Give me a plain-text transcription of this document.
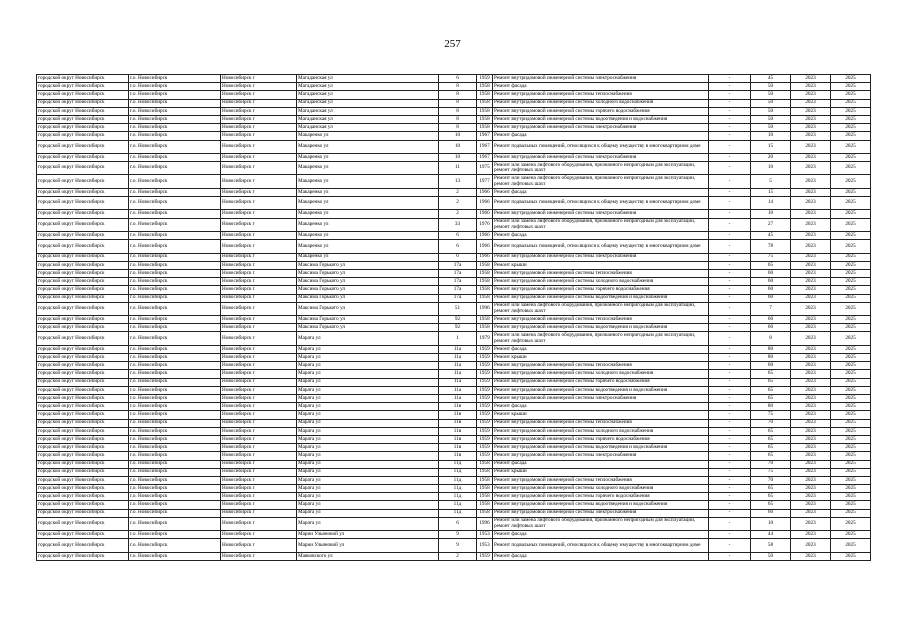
257
городской округ Новосибирск	г.о. Новосибирск	Новосибирск г	Магаданская ул	6	1959	Ремонт внутридомовой инженерной системы электроснабжения	-	45	2023	2025
городской округ Новосибирск	г.о. Новосибирск	Новосибирск г	Магаданская ул	8	1958	Ремонт фасада	-	50	2023	2025
городской округ Новосибирск	г.о. Новосибирск	Новосибирск г	Магаданская ул	8	1958	Ремонт внутридомовой инженерной системы теплоснабжения	-	50	2023	2025
городской округ Новосибирск	г.о. Новосибирск	Новосибирск г	Магаданская ул	8	1958	Ремонт внутридомовой инженерной системы холодного водоснабжения	-	50	2023	2025
городской округ Новосибирск	г.о. Новосибирск	Новосибирск г	Магаданская ул	8	1958	Ремонт внутридомовой инженерной системы горячего водоснабжения	-	50	2023	2025
городской округ Новосибирск	г.о. Новосибирск	Новосибирск г	Магаданская ул	8	1958	Ремонт внутридомовой инженерной системы водоотведения и водоснабжения	-	50	2023	2025
городской округ Новосибирск	г.о. Новосибирск	Новосибирск г	Магаданская ул	8	1958	Ремонт внутридомовой инженерной системы электроснабжения	-	50	2023	2025
городской округ Новосибирск	г.о. Новосибирск	Новосибирск г	Макаренко ул	10	1967	Ремонт фасада	-	10	2023	2025
городской округ Новосибирск	г.о. Новосибирск	Новосибирск г	Макаренко ул	10	1967	Ремонт подвальных помещений, относящихся к общему имуществу в многоквартирном доме	-	15	2023	2025
городской округ Новосибирск	г.о. Новосибирск	Новосибирск г	Макаренко ул	10	1967	Ремонт внутридомовой инженерной системы электроснабжения	-	20	2023	2025
городской округ Новосибирск	г.о. Новосибирск	Новосибирск г	Макаренко ул	11	1975	Ремонт или замена лифтового оборудования, признанного непригодным для эксплуатации, ремонт лифтовых шахт	-	10	2023	2025
городской округ Новосибирск	г.о. Новосибирск	Новосибирск г	Макаренко ул	13	1977	Ремонт или замена лифтового оборудования, признанного непригодным для эксплуатации, ремонт лифтовых шахт	-	5	2023	2025
городской округ Новосибирск	г.о. Новосибирск	Новосибирск г	Макаренко ул	2	1966	Ремонт фасада	-	15	2023	2025
городской округ Новосибирск	г.о. Новосибирск	Новосибирск г	Макаренко ул	2	1966	Ремонт подвальных помещений, относящихся к общему имуществу в многоквартирном доме	-	14	2023	2025
городской округ Новосибирск	г.о. Новосибирск	Новосибирск г	Макаренко ул	2	1966	Ремонт внутридомовой инженерной системы электроснабжения	-	10	2023	2025
городской округ Новосибирск	г.о. Новосибирск	Новосибирск г	Макаренко ул	33	1976	Ремонт или замена лифтового оборудования, признанного непригодным для эксплуатации, ремонт лифтовых шахт	-	27	2023	2025
городской округ Новосибирск	г.о. Новосибирск	Новосибирск г	Макаренко ул	6	1966	Ремонт фасада	-	45	2023	2025
городской округ Новосибирск	г.о. Новосибирск	Новосибирск г	Макаренко ул	6	1966	Ремонт подвальных помещений, относящихся к общему имуществу в многоквартирном доме	-	78	2023	2025
городской округ Новосибирск	г.о. Новосибирск	Новосибирск г	Макаренко ул	6	1966	Ремонт внутридомовой инженерной системы электроснабжения	-	75	2023	2025
городской округ Новосибирск	г.о. Новосибирск	Новосибирск г	Максима Горького ул	17а	1958	Ремонт крыши	-	65	2023	2025
городской округ Новосибирск	г.о. Новосибирск	Новосибирск г	Максима Горького ул	17а	1958	Ремонт внутридомовой инженерной системы теплоснабжения	-	60	2023	2025
городской округ Новосибирск	г.о. Новосибирск	Новосибирск г	Максима Горького ул	17а	1958	Ремонт внутридомовой инженерной системы холодного водоснабжения	-	60	2023	2025
городской округ Новосибирск	г.о. Новосибирск	Новосибирск г	Максима Горького ул	17а	1958	Ремонт внутридомовой инженерной системы горячего водоснабжения	-	60	2023	2025
городской округ Новосибирск	г.о. Новосибирск	Новосибирск г	Максима Горького ул	17а	1958	Ремонт внутридомовой инженерной системы водоотведения и водоснабжения	-	60	2023	2025
городской округ Новосибирск	г.о. Новосибирск	Новосибирск г	Максима Горького ул	51	1996	Ремонт или замена лифтового оборудования, признанного непригодным для эксплуатации, ремонт лифтовых шахт	-	7	2023	2025
городской округ Новосибирск	г.о. Новосибирск	Новосибирск г	Максима Горького ул	92	1958	Ремонт внутридомовой инженерной системы теплоснабжения	-	60	2023	2025
городской округ Новосибирск	г.о. Новосибирск	Новосибирск г	Максима Горького ул	92	1958	Ремонт внутридомовой инженерной системы водоотведения и водоснабжения	-	60	2023	2025
городской округ Новосибирск	г.о. Новосибирск	Новосибирск г	Марата ул	1	1979	Ремонт или замена лифтового оборудования, признанного непригодным для эксплуатации, ремонт лифтовых шахт	-	8	2023	2025
городской округ Новосибирск	г.о. Новосибирск	Новосибирск г	Марата ул	11а	1959	Ремонт фасада	-	80	2023	2025
городской округ Новосибирск	г.о. Новосибирск	Новосибирск г	Марата ул	11а	1959	Ремонт крыши	-	80	2023	2025
городской округ Новосибирск	г.о. Новосибирск	Новосибирск г	Марата ул	11а	1959	Ремонт внутридомовой инженерной системы теплоснабжения	-	60	2023	2025
городской округ Новосибирск	г.о. Новосибирск	Новосибирск г	Марата ул	11а	1959	Ремонт внутридомовой инженерной системы холодного водоснабжения	-	65	2023	2025
городской округ Новосибирск	г.о. Новосибирск	Новосибирск г	Марата ул	11а	1959	Ремонт внутридомовой инженерной системы горячего водоснабжения	-	65	2023	2025
городской округ Новосибирск	г.о. Новосибирск	Новосибирск г	Марата ул	11а	1959	Ремонт внутридомовой инженерной системы водоотведения и водоснабжения	-	65	2023	2025
городской округ Новосибирск	г.о. Новосибирск	Новосибирск г	Марата ул	11а	1959	Ремонт внутридомовой инженерной системы электроснабжения	-	65	2023	2025
городской округ Новосибирск	г.о. Новосибирск	Новосибирск г	Марата ул	11в	1959	Ремонт фасада	-	80	2023	2025
городской округ Новосибирск	г.о. Новосибирск	Новосибирск г	Марата ул	11в	1959	Ремонт крыши	-	75	2023	2025
городской округ Новосибирск	г.о. Новосибирск	Новосибирск г	Марата ул	11в	1959	Ремонт внутридомовой инженерной системы теплоснабжения	-	70	2023	2025
городской округ Новосибирск	г.о. Новосибирск	Новосибирск г	Марата ул	11в	1959	Ремонт внутридомовой инженерной системы холодного водоснабжения	-	65	2023	2025
городской округ Новосибирск	г.о. Новосибирск	Новосибирск г	Марата ул	11в	1959	Ремонт внутридомовой инженерной системы горячего водоснабжения	-	65	2023	2025
городской округ Новосибирск	г.о. Новосибирск	Новосибирск г	Марата ул	11в	1959	Ремонт внутридомовой инженерной системы водоотведения и водоснабжения	-	65	2023	2025
городской округ Новосибирск	г.о. Новосибирск	Новосибирск г	Марата ул	11в	1959	Ремонт внутридомовой инженерной системы электроснабжения	-	65	2023	2025
городской округ Новосибирск	г.о. Новосибирск	Новосибирск г	Марата ул	11д	1958	Ремонт фасада	-	70	2023	2025
городской округ Новосибирск	г.о. Новосибирск	Новосибирск г	Марата ул	11д	1958	Ремонт крыши	-	75	2023	2025
городской округ Новосибирск	г.о. Новосибирск	Новосибирск г	Марата ул	11д	1958	Ремонт внутридомовой инженерной системы теплоснабжения	-	70	2023	2025
городской округ Новосибирск	г.о. Новосибирск	Новосибирск г	Марата ул	11д	1958	Ремонт внутридомовой инженерной системы холодного водоснабжения	-	65	2023	2025
городской округ Новосибирск	г.о. Новосибирск	Новосибирск г	Марата ул	11д	1958	Ремонт внутридомовой инженерной системы горячего водоснабжения	-	65	2023	2025
городской округ Новосибирск	г.о. Новосибирск	Новосибирск г	Марата ул	11д	1958	Ремонт внутридомовой инженерной системы водоотведения и водоснабжения	-	65	2023	2025
городской округ Новосибирск	г.о. Новосибирск	Новосибирск г	Марата ул	11д	1958	Ремонт внутридомовой инженерной системы электроснабжения	-	60	2023	2025
городской округ Новосибирск	г.о. Новосибирск	Новосибирск г	Марата ул	6	1996	Ремонт или замена лифтового оборудования, признанного непригодным для эксплуатации, ремонт лифтовых шахт	-	10	2023	2025
городской округ Новосибирск	г.о. Новосибирск	Новосибирск г	Марии Ульяновой ул	9	1953	Ремонт фасада	-	44	2023	2025
городской округ Новосибирск	г.о. Новосибирск	Новосибирск г	Марии Ульяновой ул	9	1953	Ремонт подвальных помещений, относящихся к общему имуществу в многоквартирном доме	-	58	2023	2025
городской округ Новосибирск	г.о. Новосибирск	Новосибирск г	Маяковского ул	2	1959	Ремонт фасада	-	50	2023	2025
